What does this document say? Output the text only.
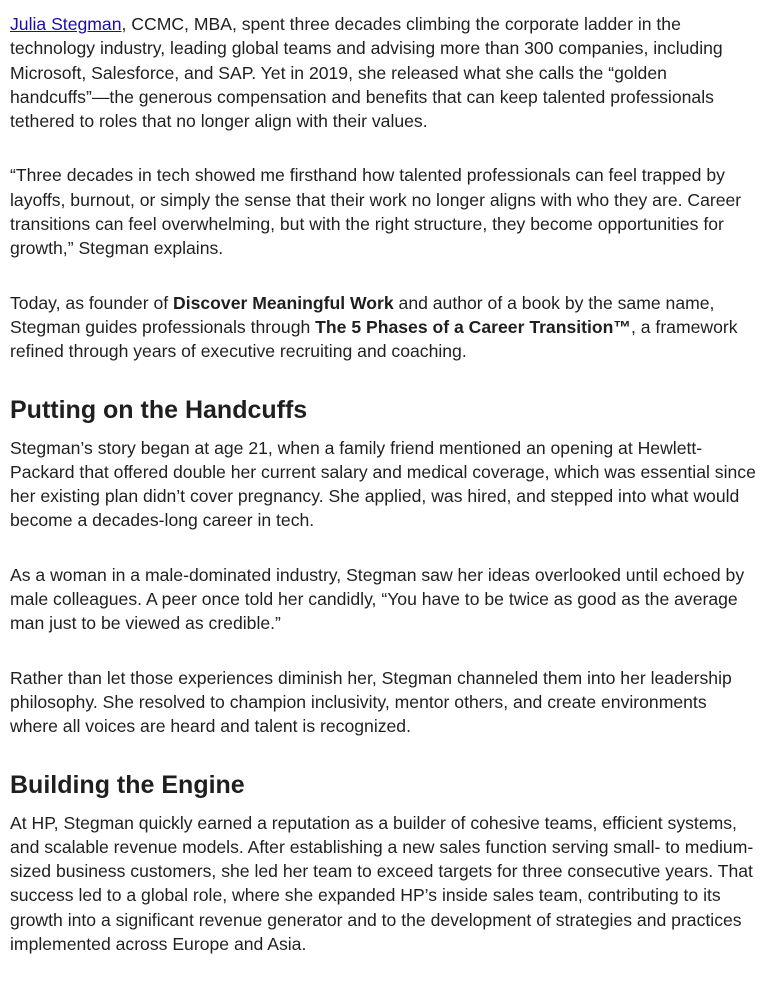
Julia Stegman, CCMC, MBA, spent three decades climbing the corporate ladder in the technology industry, leading global teams and advising more than 300 companies, including Microsoft, Salesforce, and SAP. Yet in 2019, she released what she calls the “golden handcuffs”—the generous compensation and benefits that can keep talented professionals tethered to roles that no longer align with their values.

“Three decades in tech showed me firsthand how talented professionals can feel trapped by layoffs, burnout, or simply the sense that their work no longer aligns with who they are. Career transitions can feel overwhelming, but with the right structure, they become opportunities for growth,” Stegman explains.

Today, as founder of Discover Meaningful Work and author of a book by the same name, Stegman guides professionals through The 5 Phases of a Career Transition™, a framework refined through years of executive recruiting and coaching.

Putting on the Handcuffs

Stegman’s story began at age 21, when a family friend mentioned an opening at Hewlett-Packard that offered double her current salary and medical coverage, which was essential since her existing plan didn’t cover pregnancy. She applied, was hired, and stepped into what would become a decades-long career in tech.

As a woman in a male-dominated industry, Stegman saw her ideas overlooked until echoed by male colleagues. A peer once told her candidly, “You have to be twice as good as the average man just to be viewed as credible.”

Rather than let those experiences diminish her, Stegman channeled them into her leadership philosophy. She resolved to champion inclusivity, mentor others, and create environments where all voices are heard and talent is recognized.

Building the Engine

At HP, Stegman quickly earned a reputation as a builder of cohesive teams, efficient systems, and scalable revenue models. After establishing a new sales function serving small- to medium-sized business customers, she led her team to exceed targets for three consecutive years. That success led to a global role, where she expanded HP’s inside sales team, contributing to its growth into a significant revenue generator and to the development of strategies and practices implemented across Europe and Asia.
